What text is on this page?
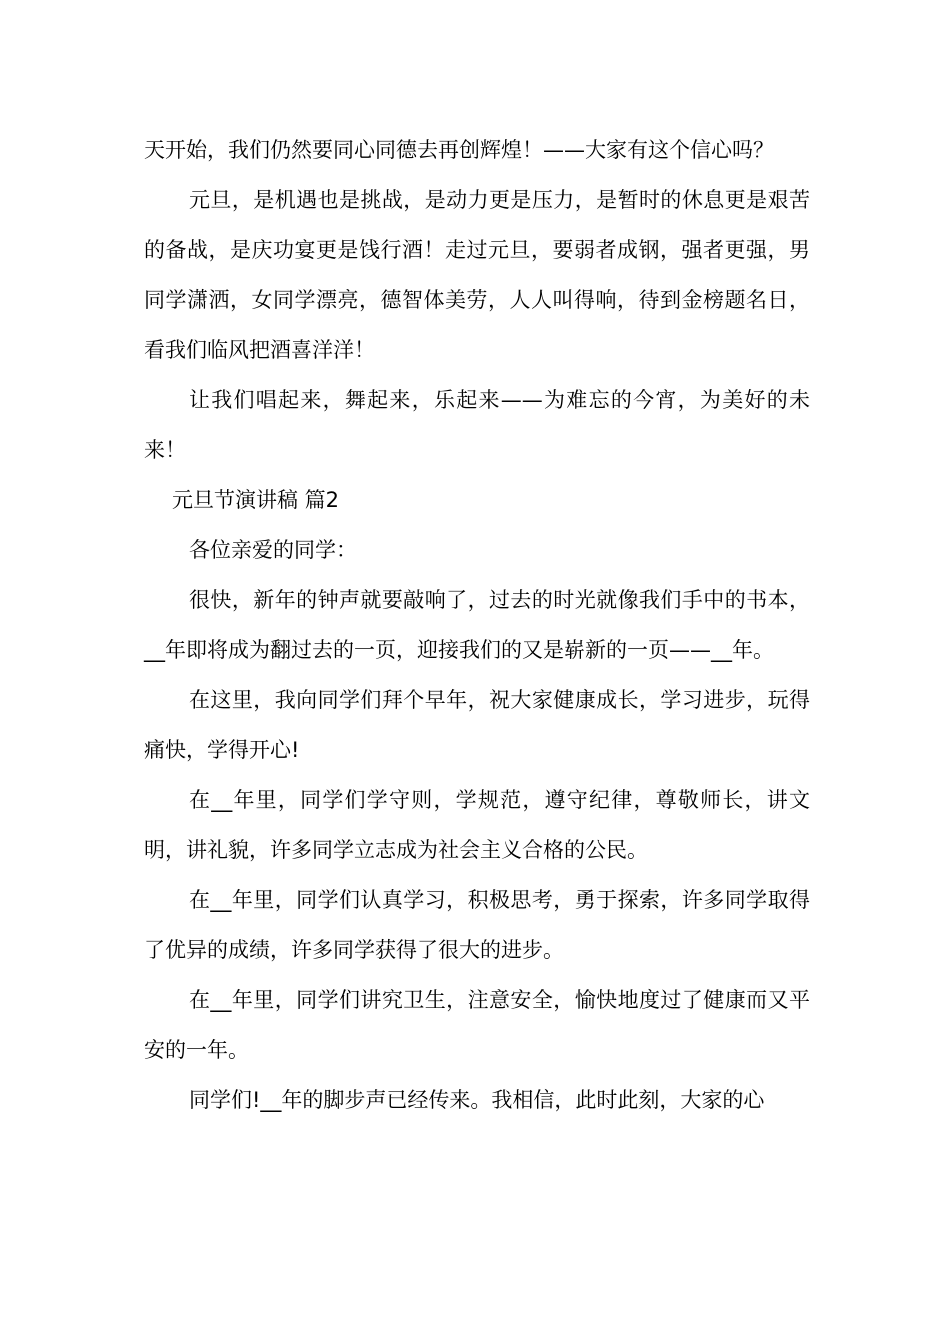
天开始，我们仍然要同心同德去再创辉煌！——大家有这个信心吗？

元旦，是机遇也是挑战，是动力更是压力，是暂时的休息更是艰苦的备战，是庆功宴更是饯行酒！走过元旦，要弱者成钢，强者更强，男同学潇洒，女同学漂亮，德智体美劳，人人叫得响，待到金榜题名日，看我们临风把酒喜洋洋！

让我们唱起来，舞起来，乐起来——为难忘的今宵，为美好的未来！

元旦节演讲稿 篇2

各位亲爱的同学：

很快，新年的钟声就要敲响了，过去的时光就像我们手中的书本，__年即将成为翻过去的一页，迎接我们的又是崭新的一页——__年。

在这里，我向同学们拜个早年，祝大家健康成长，学习进步，玩得痛快，学得开心!

在__年里，同学们学守则，学规范，遵守纪律，尊敬师长，讲文明，讲礼貌，许多同学立志成为社会主义合格的公民。

在__年里，同学们认真学习，积极思考，勇于探索，许多同学取得了优异的成绩，许多同学获得了很大的进步。

在__年里，同学们讲究卫生，注意安全，愉快地度过了健康而又平安的一年。

同学们!__年的脚步声已经传来。我相信，此时此刻，大家的心
